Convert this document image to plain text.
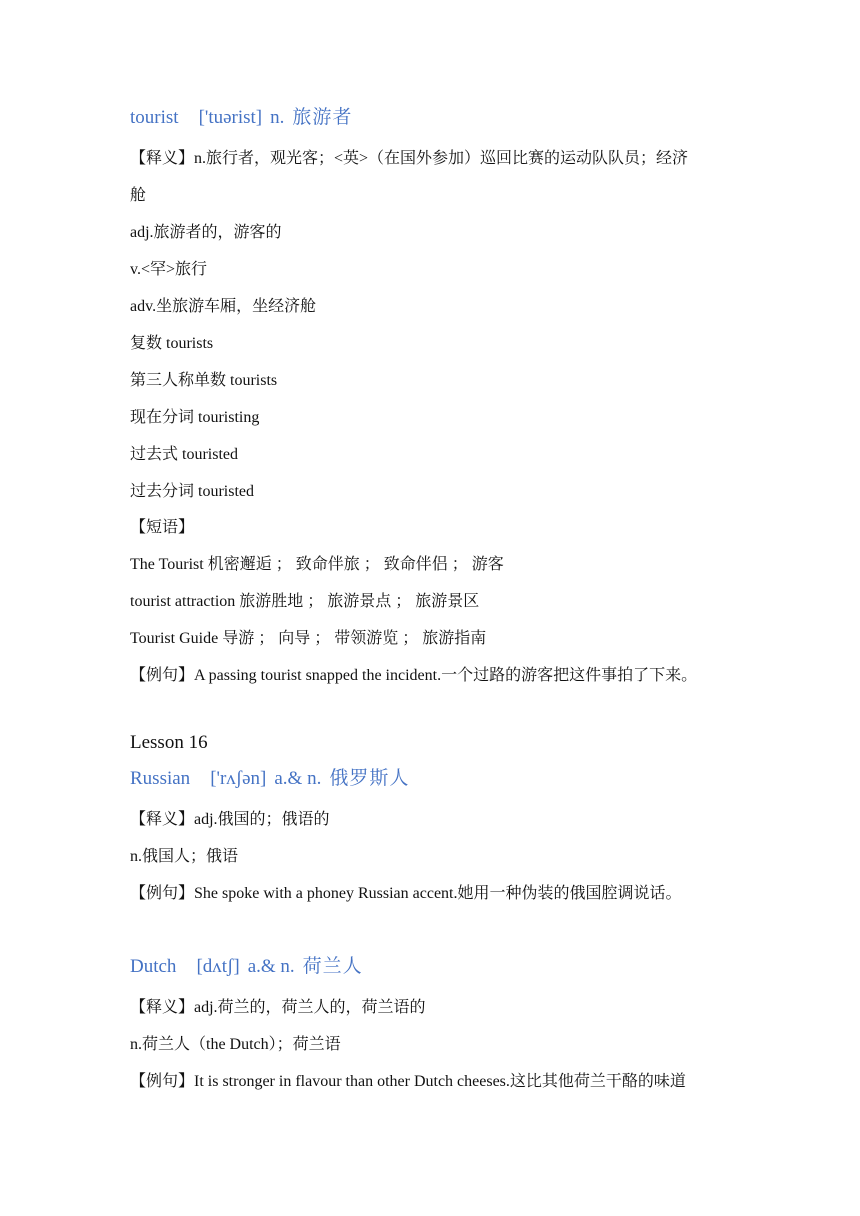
tourist ['tuərist] n. 旅游者
【释义】n.旅行者，观光客；<英>（在国外参加）巡回比赛的运动队队员；经济
舱
adj.旅游者的，游客的
v.<罕>旅行
adv.坐旅游车厢，坐经济舱
复数 tourists
第三人称单数 tourists
现在分词 touristing
过去式 touristed
过去分词 touristed
【短语】
The Tourist 机密邂逅 ； 致命伴旅 ； 致命伴侣 ； 游客
tourist attraction 旅游胜地 ； 旅游景点 ； 旅游景区
Tourist Guide 导游 ； 向导 ； 带领游览 ； 旅游指南
【例句】A passing tourist snapped the incident.一个过路的游客把这件事拍了下来。
Lesson 16
Russian ['rʌʃən] a.& n. 俄罗斯人
【释义】adj.俄国的；俄语的
n.俄国人；俄语
【例句】She spoke with a phoney Russian accent.她用一种伪装的俄国腔调说话。
Dutch [dʌtʃ] a.& n. 荷兰人
【释义】adj.荷兰的，荷兰人的，荷兰语的
n.荷兰人（the Dutch）；荷兰语
【例句】It is stronger in flavour than other Dutch cheeses.这比其他荷兰干酪的味道
